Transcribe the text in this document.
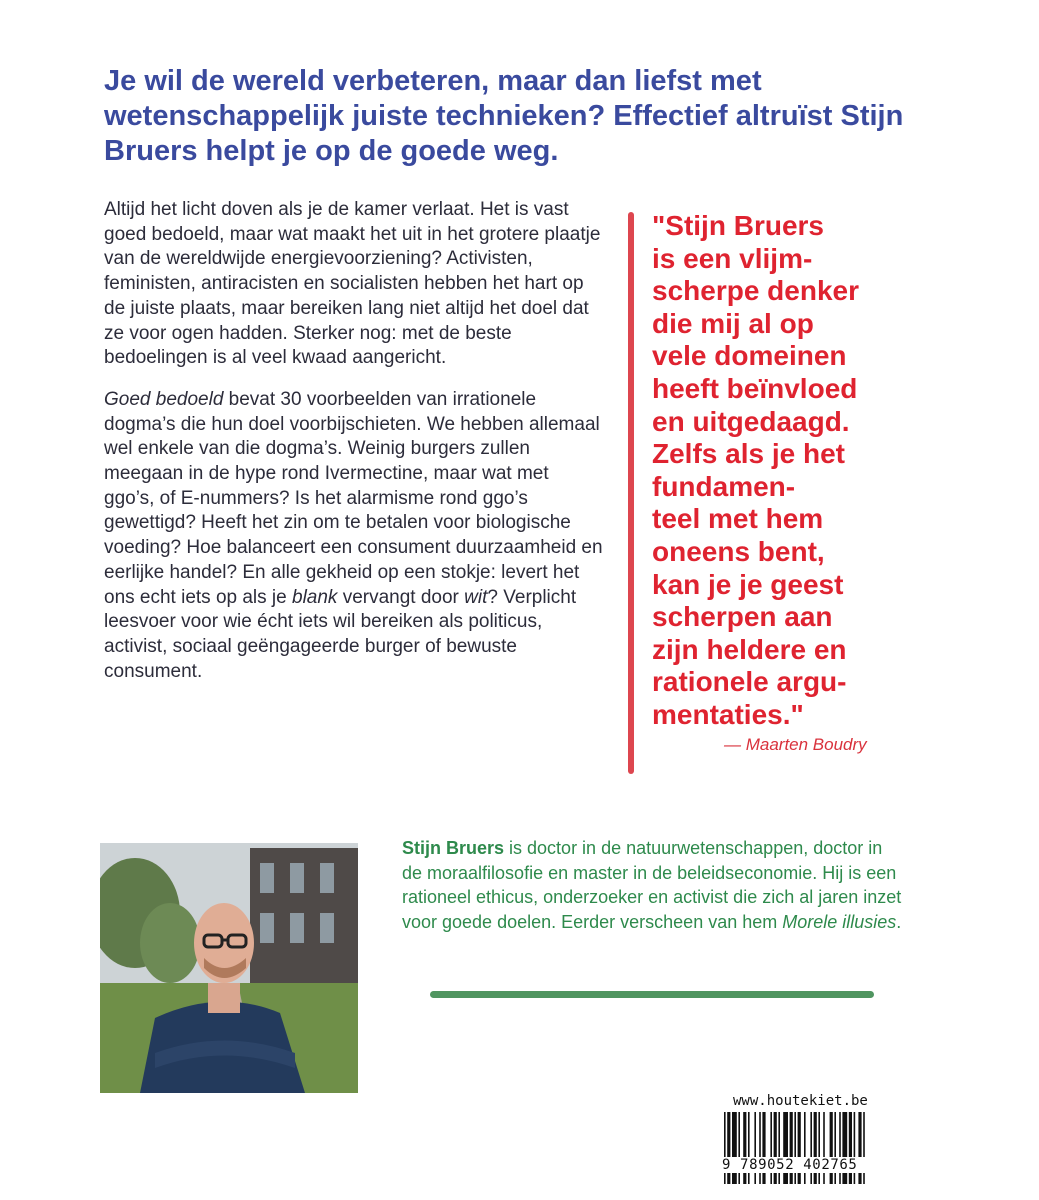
Je wil de wereld verbeteren, maar dan liefst met wetenschappelijk juiste technieken? Effectief altruïst Stijn Bruers helpt je op de goede weg.

Altijd het licht doven als je de kamer verlaat. Het is vast goed bedoeld, maar wat maakt het uit in het grotere plaatje van de wereldwijde energievoorziening? Activisten, feministen, antiracisten en socialisten hebben het hart op de juiste plaats, maar bereiken lang niet altijd het doel dat ze voor ogen hadden. Sterker nog: met de beste bedoelingen is al veel kwaad aangericht.

Goed bedoeld bevat 30 voorbeelden van irrationele dogma’s die hun doel voorbijschieten. We hebben allemaal wel enkele van die dogma’s. Weinig burgers zullen meegaan in de hype rond Ivermectine, maar wat met ggo’s, of E-nummers? Is het alarmisme rond ggo’s gewettigd? Heeft het zin om te betalen voor biologische voeding? Hoe balanceert een consument duurzaamheid en eerlijke handel? En alle gekheid op een stokje: levert het ons echt iets op als je blank vervangt door wit? Verplicht leesvoer voor wie écht iets wil bereiken als politicus, activist, sociaal geëngageerde burger of bewuste consument.

"Stijn Bruers
is een vlijm-
scherpe denker
die mij al op
vele domeinen
heeft beïnvloed
en uitgedaagd.
Zelfs als je het
fundamen-
teel met hem
oneens bent,
kan je je geest
scherpen aan
zijn heldere en
rationele argu-
mentaties."

— Maarten Boudry

Stijn Bruers is doctor in de natuurwetenschappen, doctor in de moraalfilosofie en master in de beleidseconomie. Hij is een rationeel ethicus, onderzoeker en activist die zich al jaren inzet voor goede doelen. Eerder verscheen van hem Morele illusies.

www.houtekiet.be
9 789052 402765
